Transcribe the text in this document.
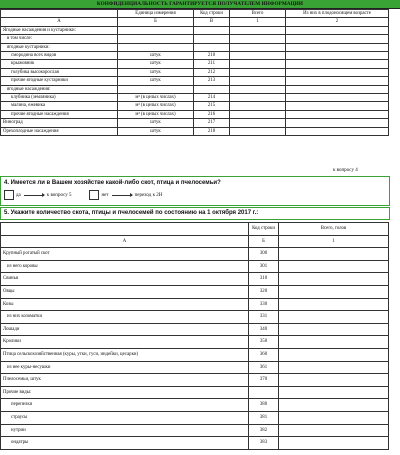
КОНФИДЕНЦИАЛЬНОСТЬ ГАРАНТИРУЕТСЯ ПОЛУЧАТЕЛЕМ ИНФОРМАЦИИ
	Единица измерения	Код строки	Всего	Из них в плодоносящем возрасте
А	Б	В	1	2
Ягодные насаждения и кустарники:				
в том числе:				
ягодные кустарники:				
смородина всех видов	штук	210		
крыжовник	штук	211		
голубика высокорослая	штук	212		
прочие ягодные кустарники	штук	213		
ягодные насаждения:				
клубника (земляника)	м² (в целых числах)	214		
малина, ежевика	м² (в целых числах)	215		
прочие ягодные насаждения	м² (в целых числах)	216		
Виноград	штук	217		
Орехоплодные насаждения	штук	218		
к вопросу 4
4. Имеется ли в Вашем хозяйстве какой-либо скот, птица и пчелосемьи?
да	к вопросу 5	нет	переход к 2Н
5. Укажите количество скота, птицы и пчелосемей по состоянию на 1 октября 2017 г.:
	Код строки	Всего, голов
А	Б	1
Крупный рогатый скот	300	
из него коровы	301	
Свиньи	310	
Овцы	320	
Козы	330	
из них козоматки	331	
Лошади	340	
Кролики	350	
Птица сельскохозяйственная (куры, утки, гуси, индейки, цесарки)	360	
из нее куры-несушки	361	
Пчелосемьи, штук	370	
Прочие виды:		
перепелки	380	
страусы	381	
нутрии	382	
ондатры	383	
